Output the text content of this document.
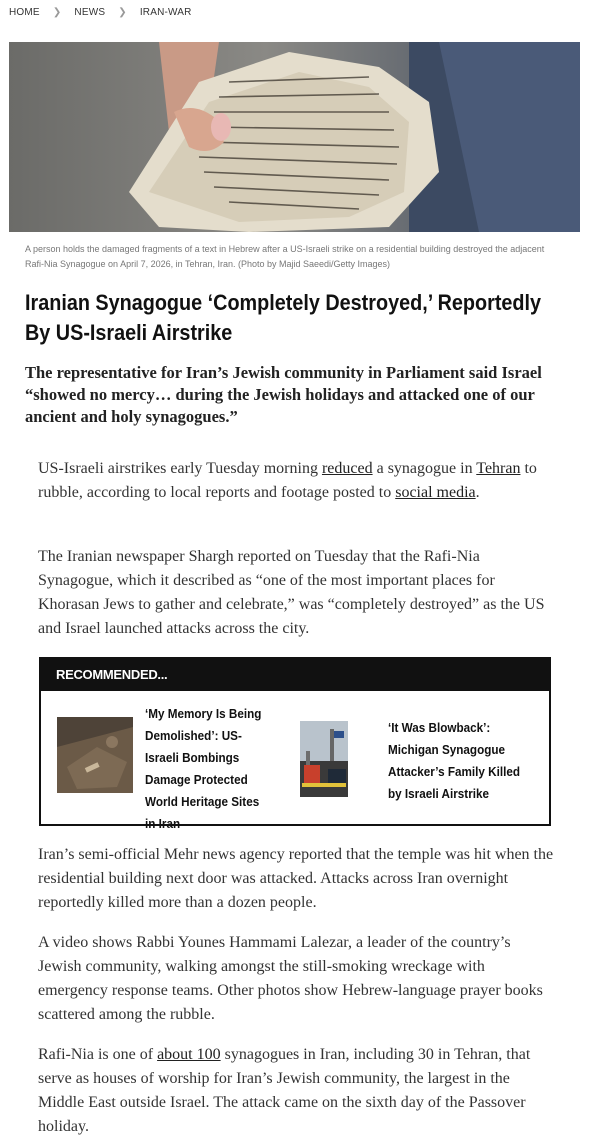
HOME ❯ NEWS ❯ IRAN-WAR
A person holds the damaged fragments of a text in Hebrew after a US-Israeli strike on a residential building destroyed the adjacent Rafi-Nia Synagogue on April 7, 2026, in Tehran, Iran. (Photo by Majid Saeedi/Getty Images)
Iranian Synagogue ‘Completely Destroyed,’ Reportedly By US-Israeli Airstrike

The representative for Iran’s Jewish community in Parliament said Israel “showed no mercy… during the Jewish holidays and attacked one of our ancient and holy synagogues.”

US-Israeli airstrikes early Tuesday morning reduced a synagogue in Tehran to rubble, according to local reports and footage posted to social media.

The Iranian newspaper Shargh reported on Tuesday that the Rafi-Nia Synagogue, which it described as “one of the most important places for Khorasan Jews to gather and celebrate,” was “completely destroyed” as the US and Israel launched attacks across the city.

RECOMMENDED...
‘My Memory Is Being Demolished’: US-Israeli Bombings Damage Protected World Heritage Sites in Iran
‘It Was Blowback’: Michigan Synagogue Attacker’s Family Killed by Israeli Airstrike

Iran’s semi-official Mehr news agency reported that the temple was hit when the residential building next door was attacked. Attacks across Iran overnight reportedly killed more than a dozen people.

A video shows Rabbi Younes Hammami Lalezar, a leader of the country’s Jewish community, walking amongst the still-smoking wreckage with emergency response teams. Other photos show Hebrew-language prayer books scattered among the rubble.

Rafi-Nia is one of about 100 synagogues in Iran, including 30 in Tehran, that serve as houses of worship for Iran’s Jewish community, the largest in the Middle East outside Israel. The attack came on the sixth day of the Passover holiday.
